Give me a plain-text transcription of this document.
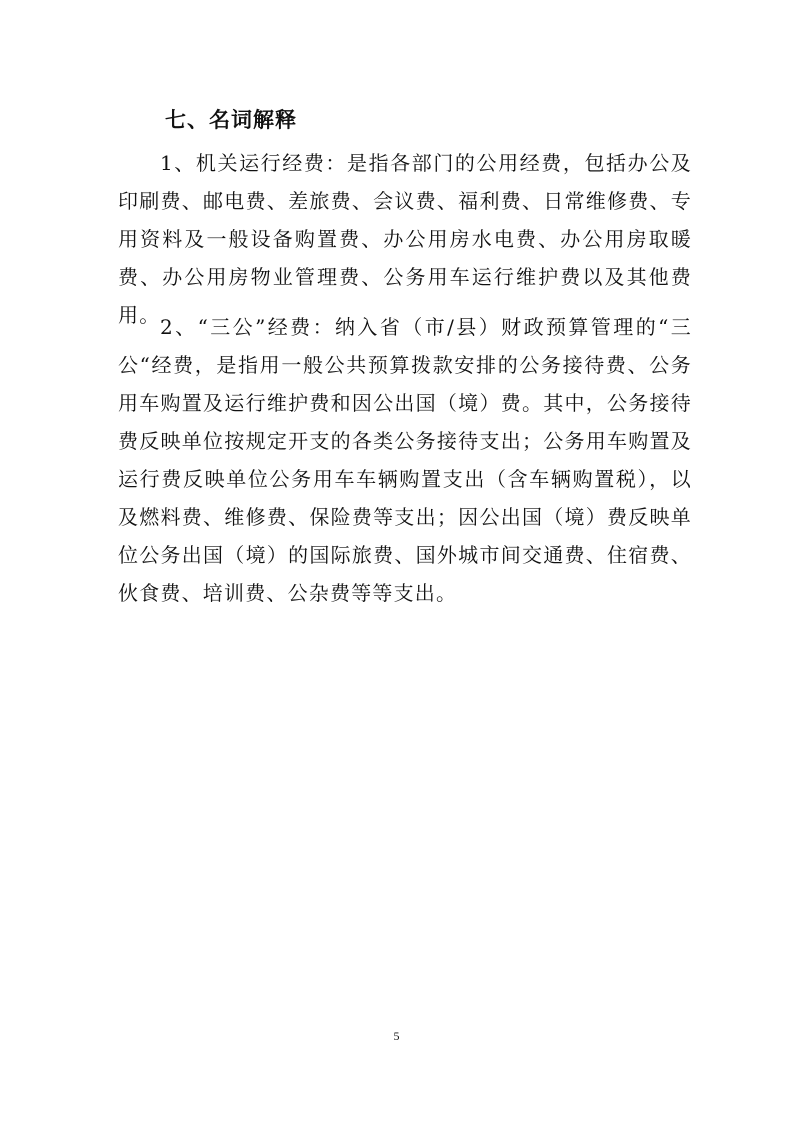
七、名词解释

1、机关运行经费：是指各部门的公用经费，包括办公及印刷费、邮电费、差旅费、会议费、福利费、日常维修费、专用资料及一般设备购置费、办公用房水电费、办公用房取暖费、办公用房物业管理费、公务用车运行维护费以及其他费用。 2、“三公”经费：纳入省（市/县）财政预算管理的“三公“经费，是指用一般公共预算拨款安排的公务接待费、公务用车购置及运行维护费和因公出国（境）费。其中，公务接待费反映单位按规定开支的各类公务接待支出；公务用车购置及运行费反映单位公务用车车辆购置支出（含车辆购置税），以及燃料费、维修费、保险费等支出；因公出国（境）费反映单位公务出国（境）的国际旅费、国外城市间交通费、住宿费、伙食费、培训费、公杂费等等支出。

5
